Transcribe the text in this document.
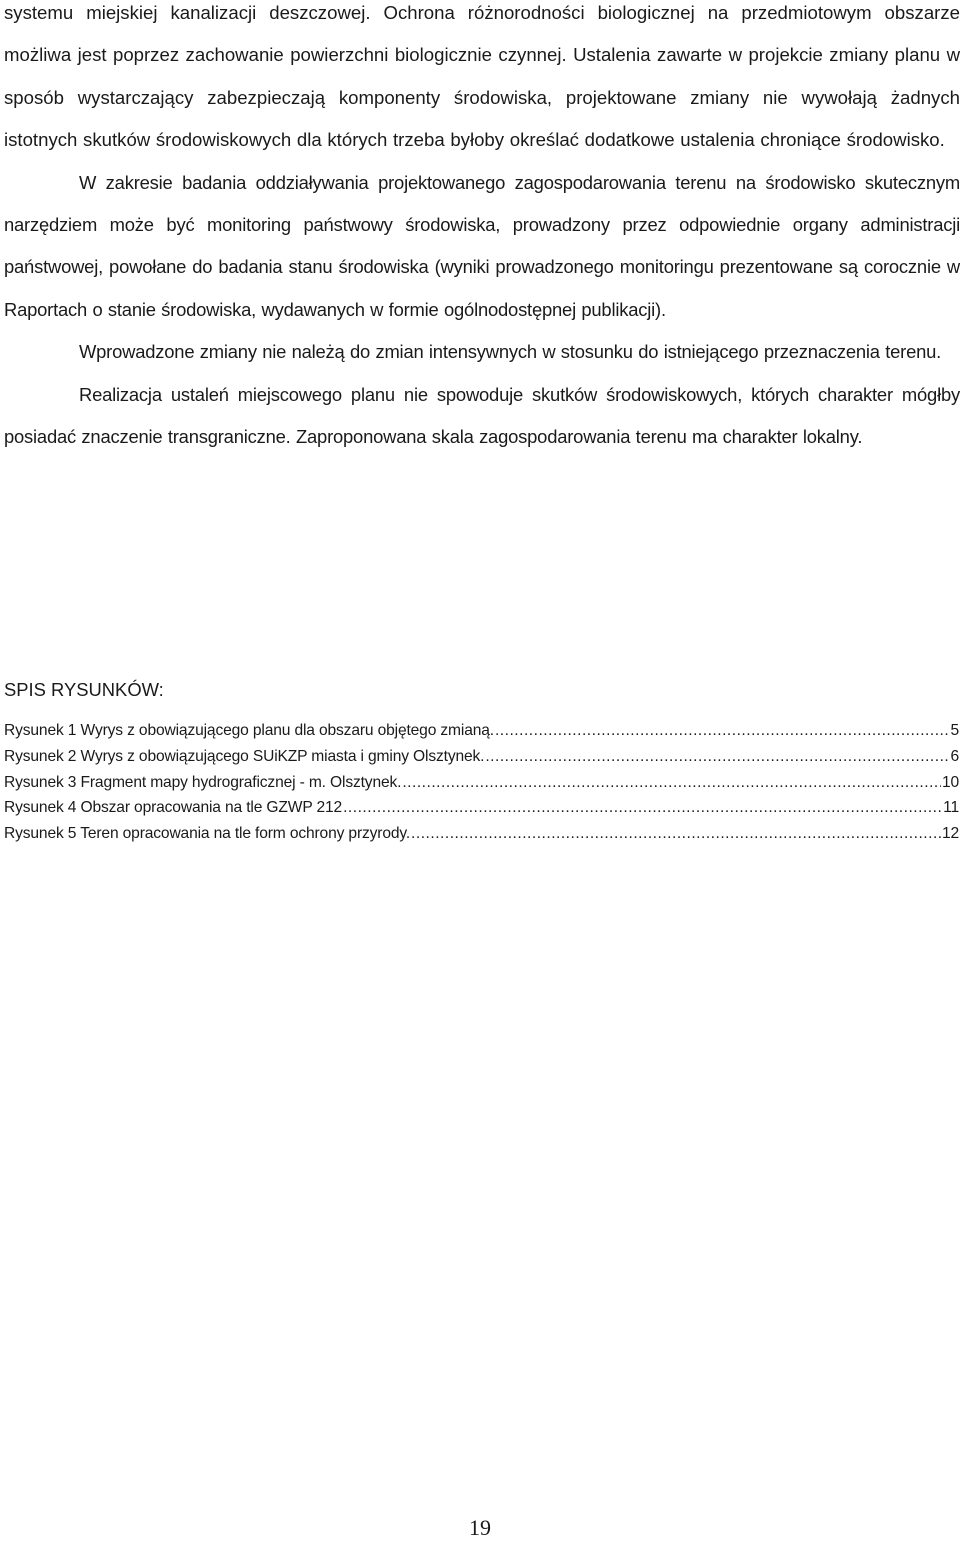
systemu miejskiej kanalizacji deszczowej. Ochrona różnorodności biologicznej na przedmiotowym obszarze możliwa jest poprzez zachowanie powierzchni biologicznie czynnej. Ustalenia zawarte w projekcie zmiany planu w sposób wystarczający zabezpieczają komponenty środowiska, projektowane zmiany nie wywołają żadnych istotnych skutków środowiskowych dla których trzeba byłoby określać dodatkowe ustalenia chroniące środowisko.

W zakresie badania oddziaływania projektowanego zagospodarowania terenu na środowisko skutecznym narzędziem może być monitoring państwowy środowiska, prowadzony przez odpowiednie organy administracji państwowej, powołane do badania stanu środowiska (wyniki prowadzonego monitoringu prezentowane są corocznie w Raportach o stanie środowiska, wydawanych w formie ogólnodostępnej publikacji).

Wprowadzone zmiany nie należą do zmian intensywnych w stosunku do istniejącego przeznaczenia terenu.

Realizacja ustaleń miejscowego planu nie spowoduje skutków środowiskowych, których charakter mógłby posiadać znaczenie transgraniczne. Zaproponowana skala zagospodarowania terenu ma charakter lokalny.

SPIS RYSUNKÓW:
Rysunek 1 Wyrys z obowiązującego planu dla obszaru objętego zmianą. .....	5
Rysunek 2 Wyrys z obowiązującego SUiKZP miasta i gminy Olsztynek. .....	6
Rysunek 3 Fragment mapy hydrograficznej - m. Olsztynek. .....	10
Rysunek 4 Obszar opracowania na tle GZWP 212 .....	11
Rysunek 5 Teren opracowania na tle form ochrony przyrody. .....	12

19
